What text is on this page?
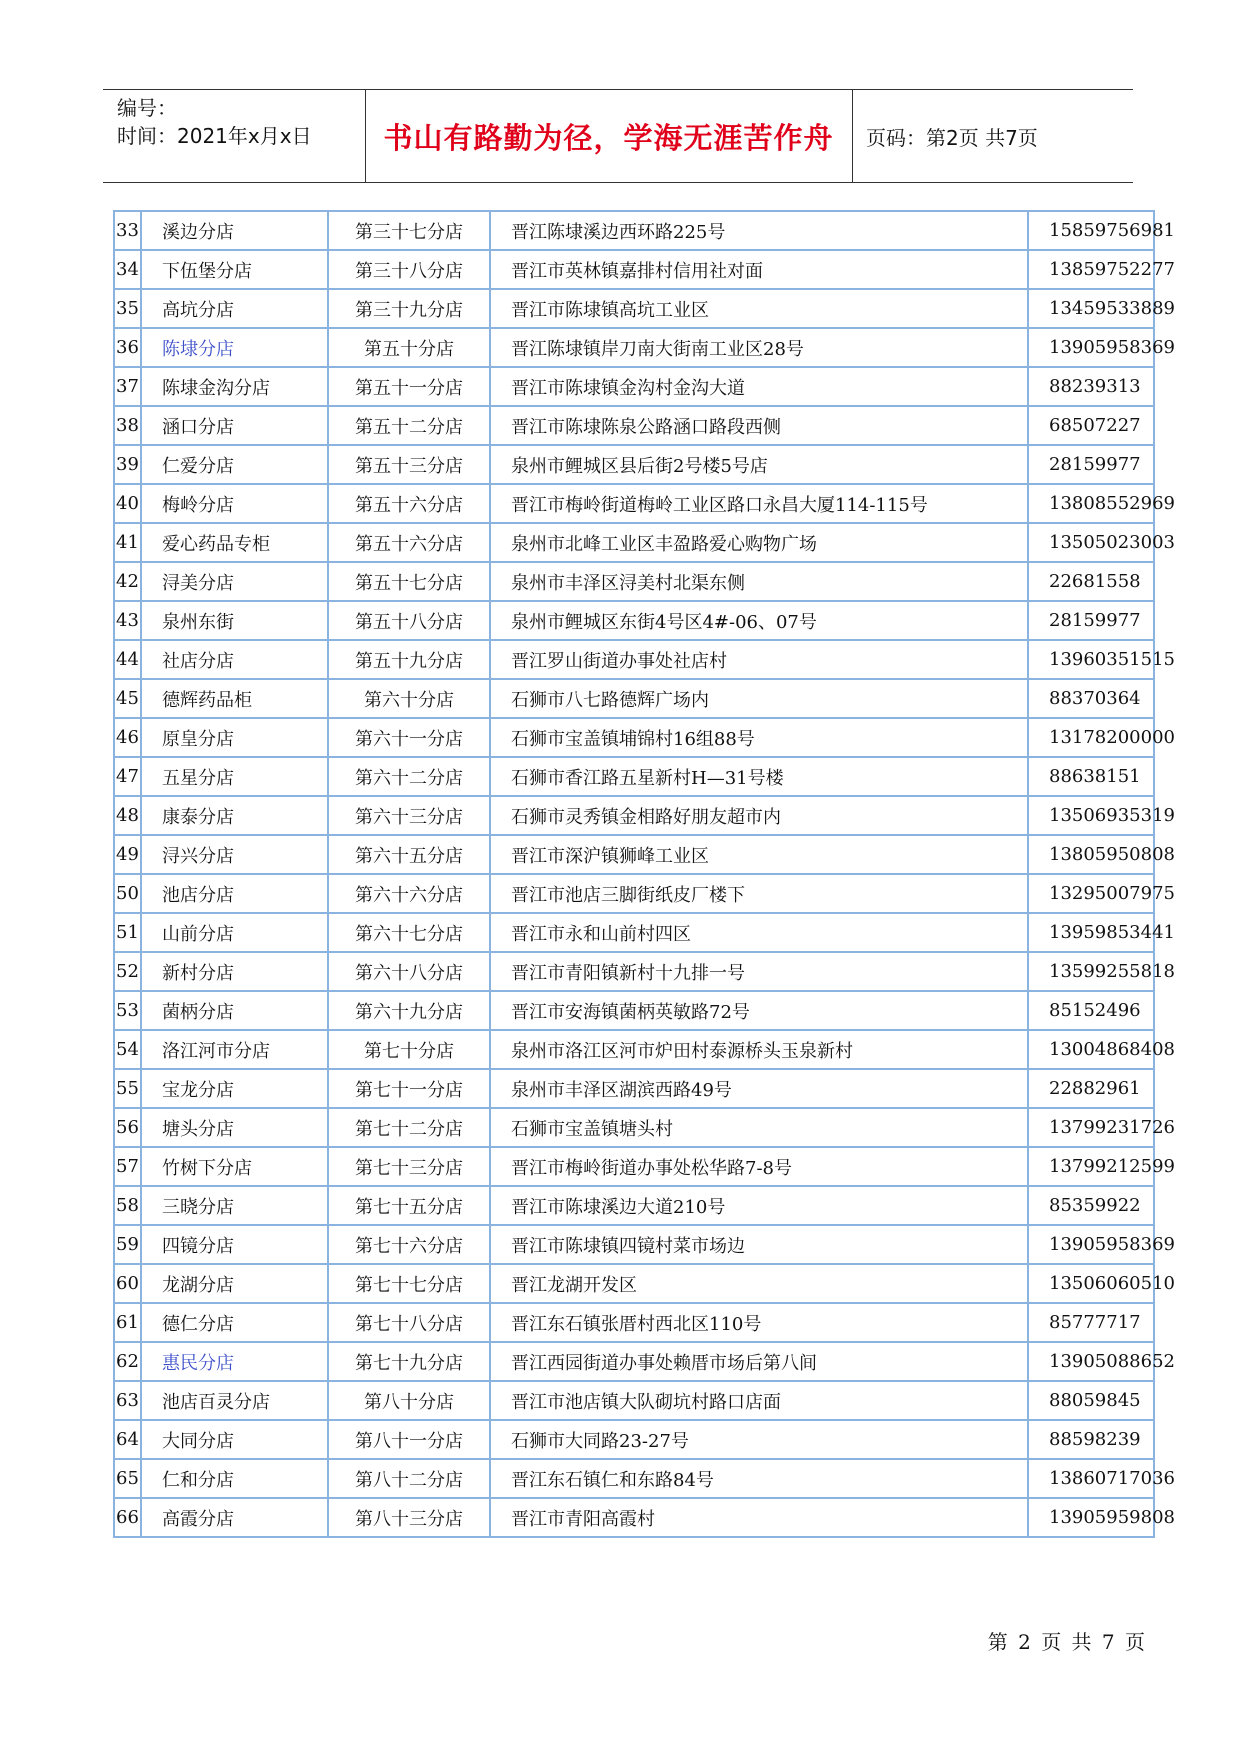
编号：
时间：2021年x月x日	书山有路勤为径，学海无涯苦作舟 页码：第2页 共7页
33	溪边分店	第三十七分店	晋江陈埭溪边西环路225号	15859756981
34	下伍堡分店	第三十八分店	晋江市英林镇嘉排村信用社对面	13859752277
35	高坑分店	第三十九分店	晋江市陈埭镇高坑工业区	13459533889
36	陈埭分店	第五十分店	晋江陈埭镇岸刀南大街南工业区28号	13905958369
37	陈埭金沟分店	第五十一分店	晋江市陈埭镇金沟村金沟大道	88239313
38	涵口分店	第五十二分店	晋江市陈埭陈泉公路涵口路段西侧	68507227
39	仁爱分店	第五十三分店	泉州市鲤城区县后街2号楼5号店	28159977
40	梅岭分店	第五十六分店	晋江市梅岭街道梅岭工业区路口永昌大厦114-115号	13808552969
41	爱心药品专柜	第五十六分店	泉州市北峰工业区丰盈路爱心购物广场	13505023003
42	浔美分店	第五十七分店	泉州市丰泽区浔美村北渠东侧	22681558
43	泉州东街	第五十八分店	泉州市鲤城区东街4号区4#-06、07号	28159977
44	社店分店	第五十九分店	晋江罗山街道办事处社店村	13960351515
45	德辉药品柜	第六十分店	石狮市八七路德辉广场内	88370364
46	原皇分店	第六十一分店	石狮市宝盖镇埔锦村16组88号	13178200000
47	五星分店	第六十二分店	石狮市香江路五星新村H—31号楼	88638151
48	康泰分店	第六十三分店	石狮市灵秀镇金相路好朋友超市内	13506935319
49	浔兴分店	第六十五分店	晋江市深沪镇狮峰工业区	13805950808
50	池店分店	第六十六分店	晋江市池店三脚街纸皮厂楼下	13295007975
51	山前分店	第六十七分店	晋江市永和山前村四区	13959853441
52	新村分店	第六十八分店	晋江市青阳镇新村十九排一号	13599255818
53	菌柄分店	第六十九分店	晋江市安海镇菌柄英敏路72号	85152496
54	洛江河市分店	第七十分店	泉州市洛江区河市炉田村泰源桥头玉泉新村	13004868408
55	宝龙分店	第七十一分店	泉州市丰泽区湖滨西路49号	22882961
56	塘头分店	第七十二分店	石狮市宝盖镇塘头村	13799231726
57	竹树下分店	第七十三分店	晋江市梅岭街道办事处松华路7-8号	13799212599
58	三晓分店	第七十五分店	晋江市陈埭溪边大道210号	85359922
59	四镜分店	第七十六分店	晋江市陈埭镇四镜村菜市场边	13905958369
60	龙湖分店	第七十七分店	晋江龙湖开发区	13506060510
61	德仁分店	第七十八分店	晋江东石镇张厝村西北区110号	85777717
62	惠民分店	第七十九分店	晋江西园街道办事处赖厝市场后第八间	13905088652
63	池店百灵分店	第八十分店	晋江市池店镇大队砌坑村路口店面	88059845
64	大同分店	第八十一分店	石狮市大同路23-27号	88598239
65	仁和分店	第八十二分店	晋江东石镇仁和东路84号	13860717036
66	高霞分店	第八十三分店	晋江市青阳高霞村	13905959808
第 2 页 共 7 页
